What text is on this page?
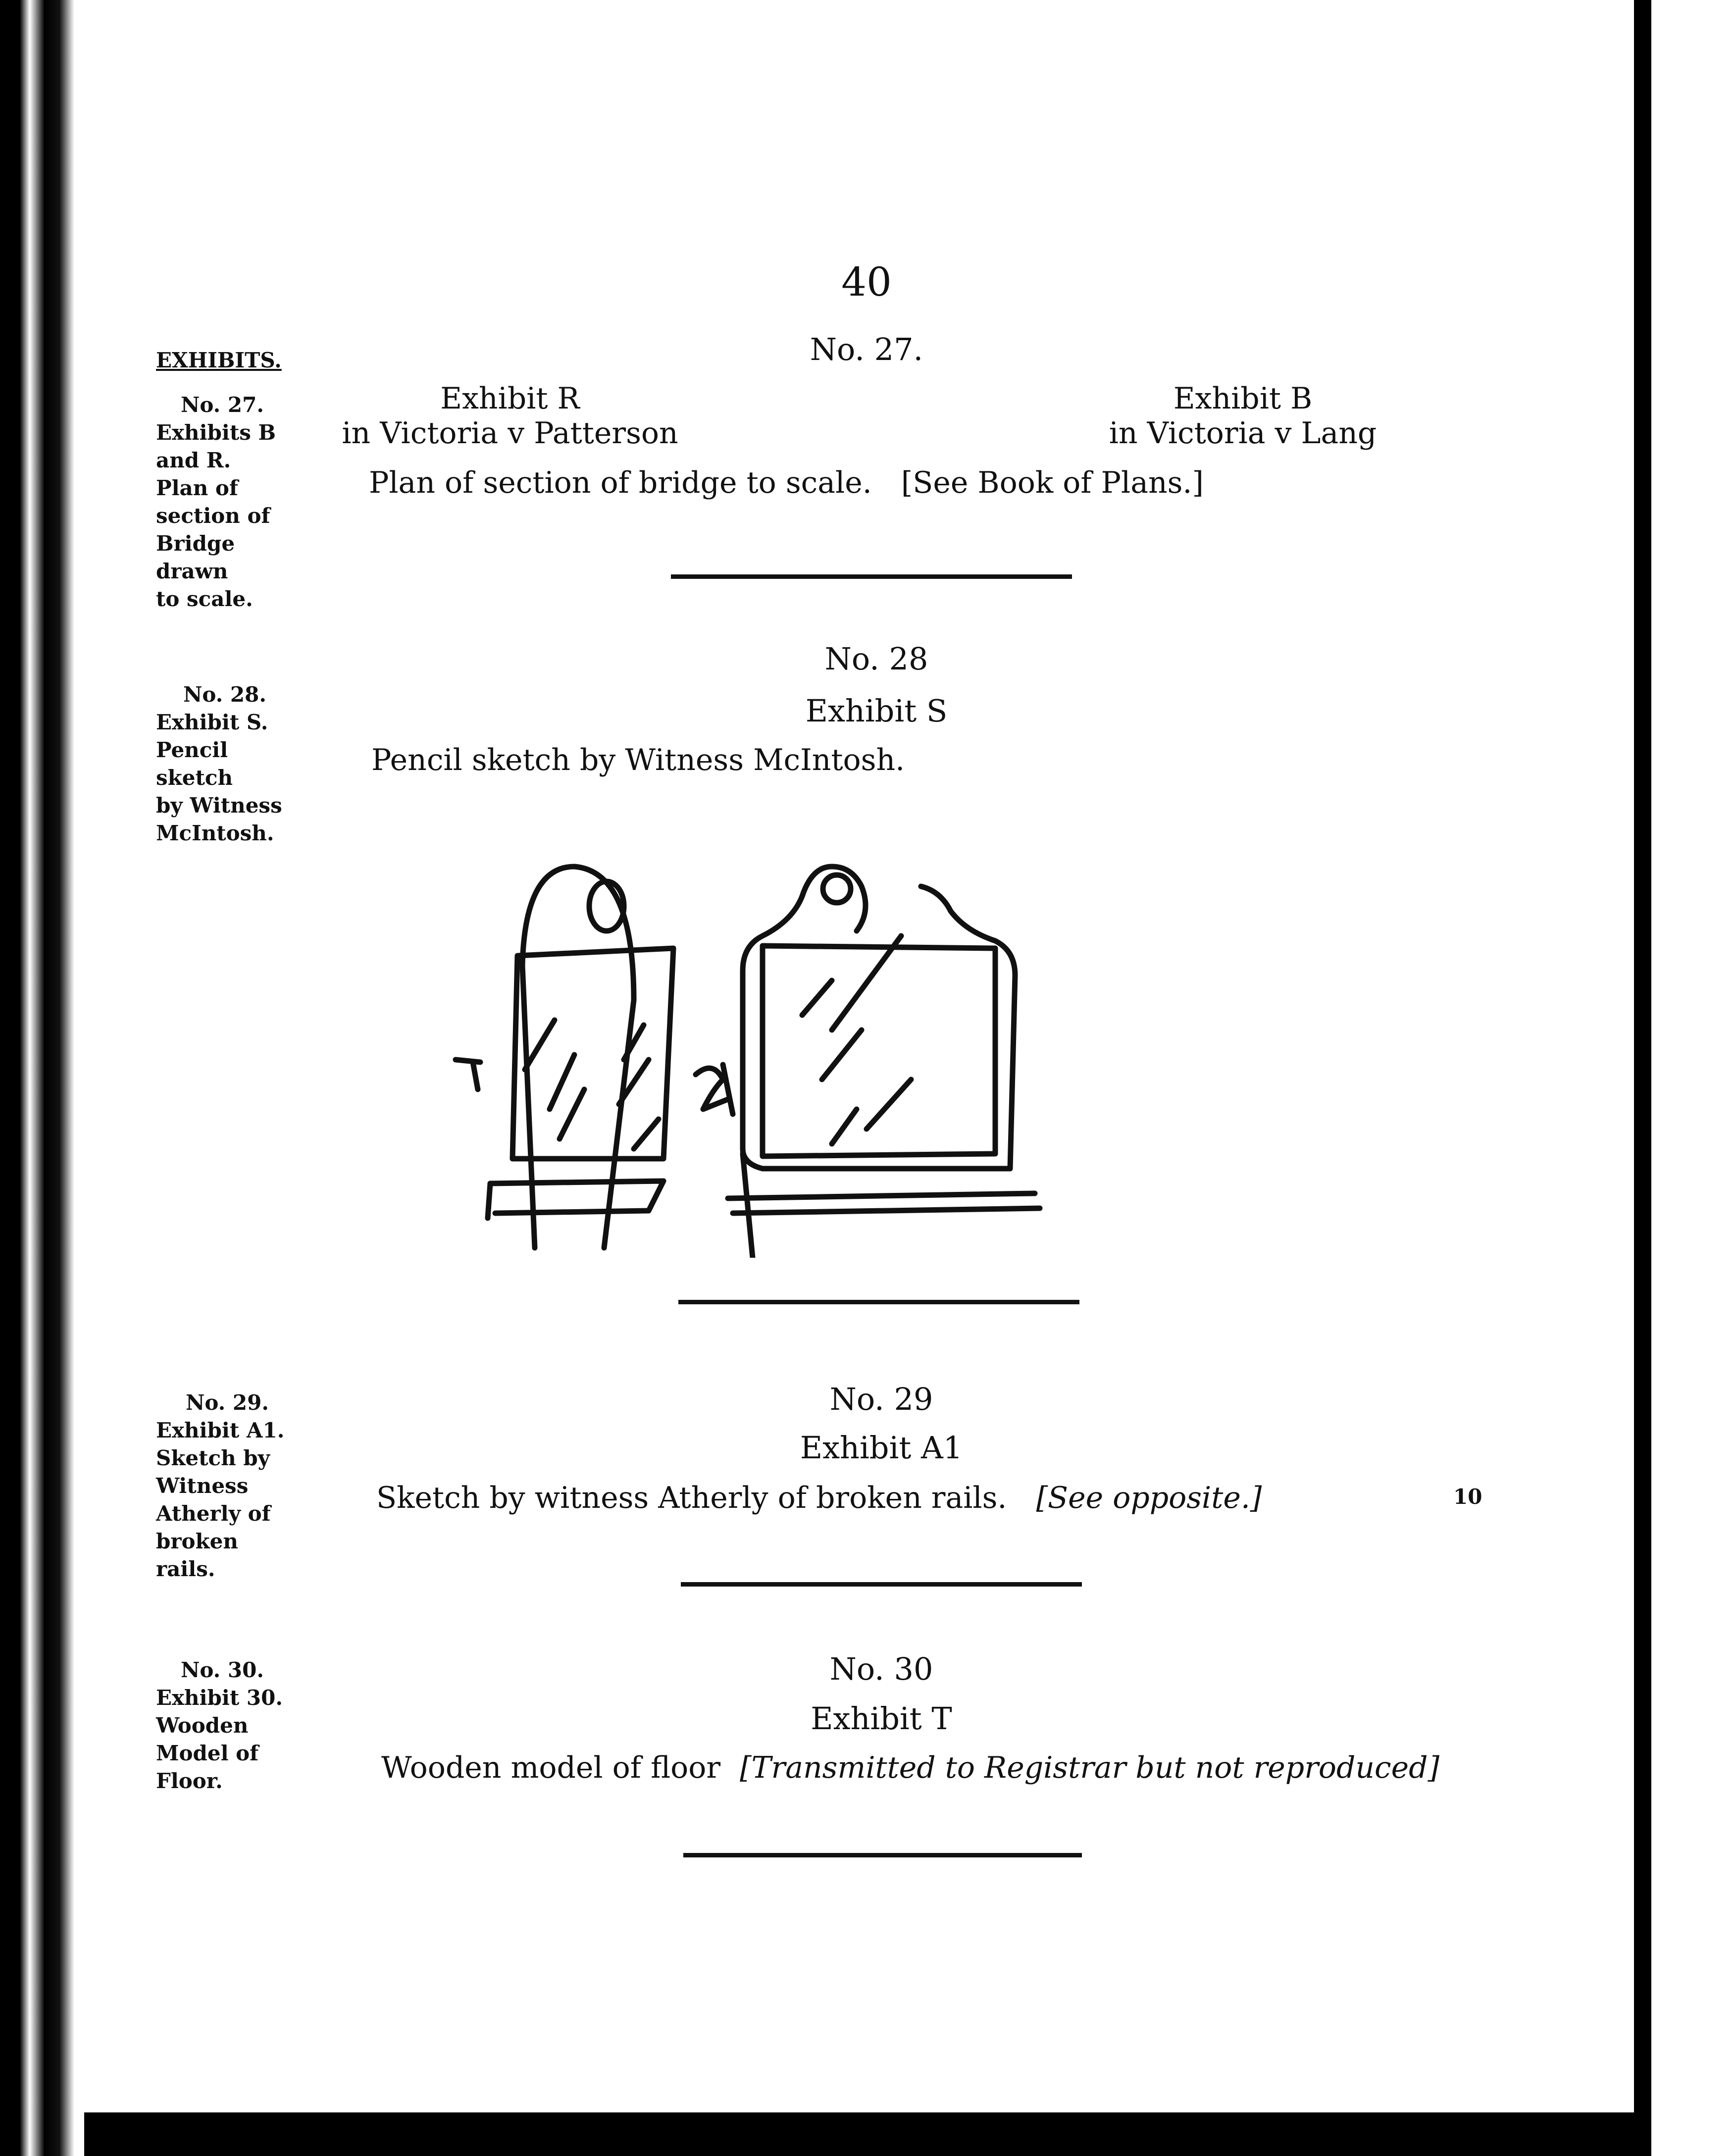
40
EXHIBITS.
No. 27.
Exhibits B
and R.
Plan of
section of
Bridge drawn
to scale.
No. 27.
Exhibit R
in Victoria v Patterson
Exhibit B
in Victoria v Lang
Plan of section of bridge to scale. [See Book of Plans.]
No. 28.
Exhibit S.
Pencil sketch
by Witness
McIntosh.
No. 28
Exhibit S
Pencil sketch by Witness McIntosh.
No. 29.
Exhibit A1.
Sketch by
Witness
Atherly of
broken rails.
No. 29
Exhibit A1
Sketch by witness Atherly of broken rails. [See opposite.]	10
No. 30.
Exhibit 30.
Wooden
Model of
Floor.
No. 30
Exhibit T
Wooden model of floor [Transmitted to Registrar but not reproduced]
